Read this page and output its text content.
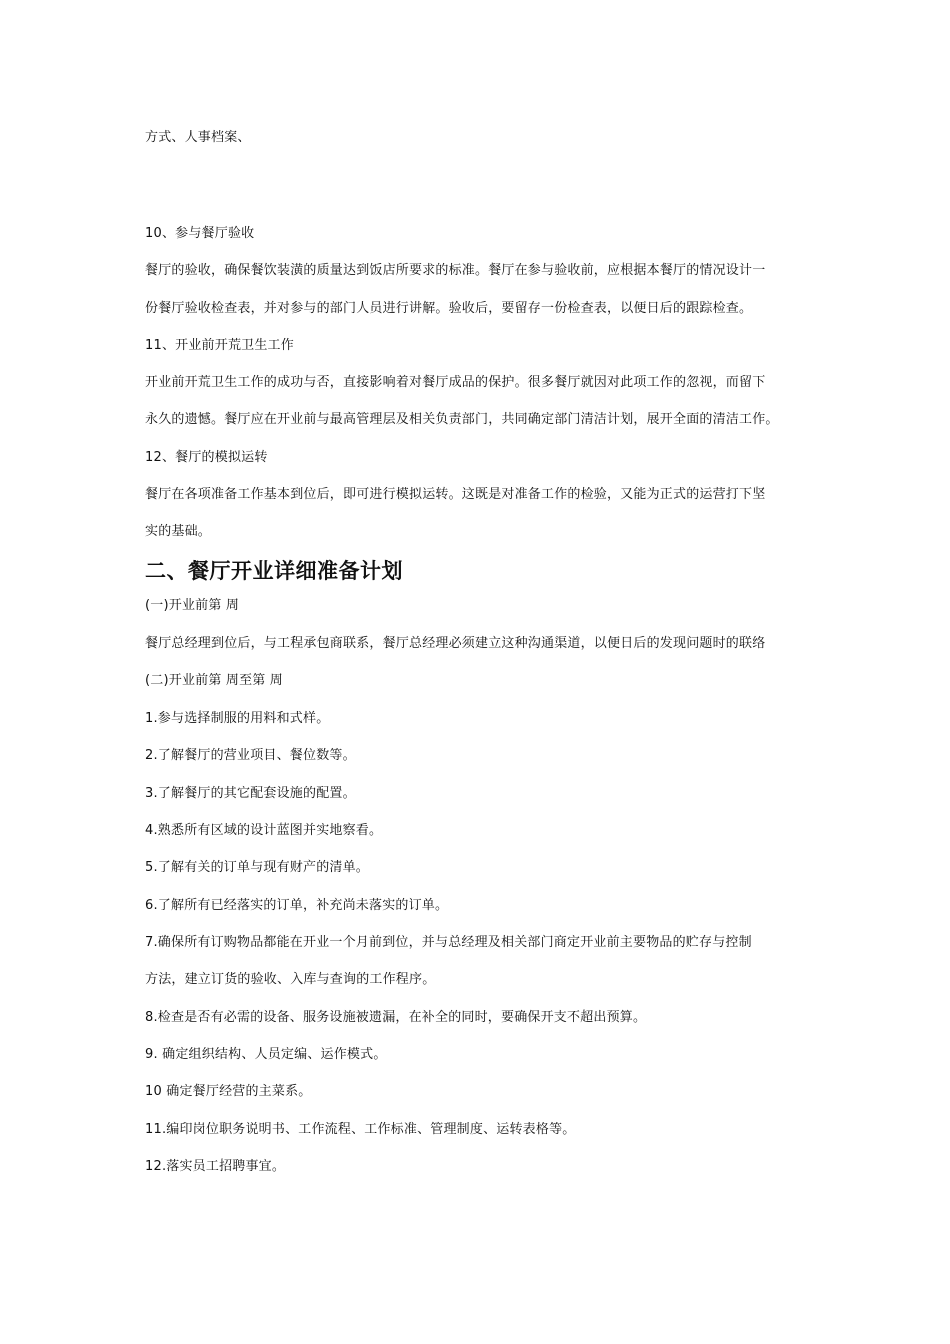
方式、人事档案、
10、参与餐厅验收
餐厅的验收，确保餐饮装潢的质量达到饭店所要求的标准。餐厅在参与验收前，应根据本餐厅的情况设计一
份餐厅验收检查表，并对参与的部门人员进行讲解。验收后，要留存一份检查表，以便日后的跟踪检查。
11、开业前开荒卫生工作
开业前开荒卫生工作的成功与否，直接影响着对餐厅成品的保护。很多餐厅就因对此项工作的忽视，而留下
永久的遗憾。餐厅应在开业前与最高管理层及相关负责部门，共同确定部门清洁计划，展开全面的清洁工作。
12、餐厅的模拟运转
餐厅在各项准备工作基本到位后，即可进行模拟运转。这既是对准备工作的检验，又能为正式的运营打下坚
实的基础。
二、餐厅开业详细准备计划
(一)开业前第 周
餐厅总经理到位后，与工程承包商联系，餐厅总经理必须建立这种沟通渠道，以便日后的发现问题时的联络
(二)开业前第 周至第 周
1.参与选择制服的用料和式样。
2.了解餐厅的营业项目、餐位数等。
3.了解餐厅的其它配套设施的配置。
4.熟悉所有区域的设计蓝图并实地察看。
5.了解有关的订单与现有财产的清单。
6.了解所有已经落实的订单，补充尚未落实的订单。
7.确保所有订购物品都能在开业一个月前到位，并与总经理及相关部门商定开业前主要物品的贮存与控制
方法，建立订货的验收、入库与查询的工作程序。
8.检查是否有必需的设备、服务设施被遗漏，在补全的同时，要确保开支不超出预算。
9. 确定组织结构、人员定编、运作模式。
10 确定餐厅经营的主菜系。
11.编印岗位职务说明书、工作流程、工作标准、管理制度、运转表格等。
12.落实员工招聘事宜。
